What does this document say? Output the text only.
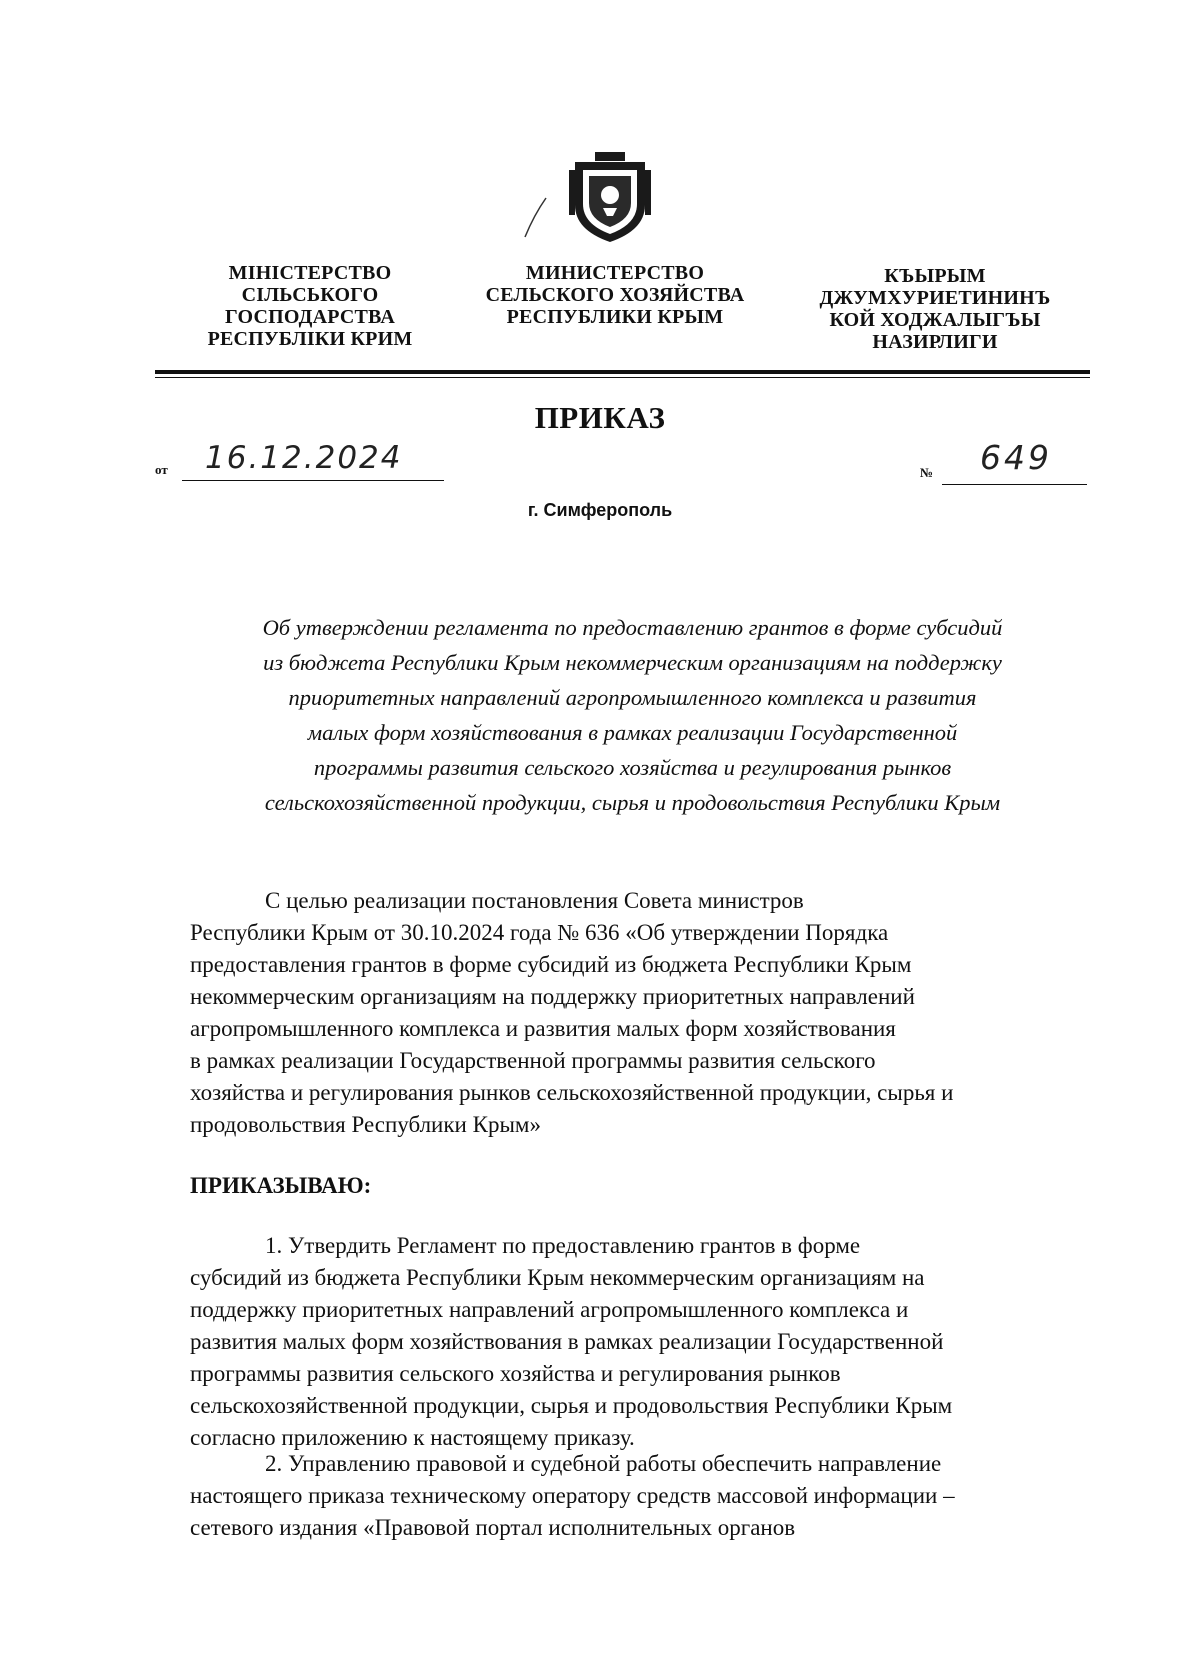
МІНІСТЕРСТВО
СІЛЬСЬКОГО
ГОСПОДАРСТВА
РЕСПУБЛІКИ КРИМ
МИНИСТЕРСТВО
СЕЛЬСКОГО ХОЗЯЙСТВА
РЕСПУБЛИКИ КРЫМ
КЪЫРЫМ
ДЖУМХУРИЕТИНИНЪ
КОЙ ХОДЖАЛЫГЪЫ
НАЗИРЛИГИ
ПРИКАЗ
от 16.12.2024	№ 649
г. Симферополь
Об утверждении регламента по предоставлению грантов в форме субсидий
из бюджета Республики Крым некоммерческим организациям на поддержку
приоритетных направлений агропромышленного комплекса и развития
малых форм хозяйствования в рамках реализации Государственной
программы развития сельского хозяйства и регулирования рынков
сельскохозяйственной продукции, сырья и продовольствия Республики Крым
С целью реализации постановления Совета министров
Республики Крым от 30.10.2024 года № 636 «Об утверждении Порядка
предоставления грантов в форме субсидий из бюджета Республики Крым
некоммерческим организациям на поддержку приоритетных направлений
агропромышленного комплекса и развития малых форм хозяйствования
в рамках реализации Государственной программы развития сельского
хозяйства и регулирования рынков сельскохозяйственной продукции, сырья и
продовольствия Республики Крым»
ПРИКАЗЫВАЮ:
1. Утвердить Регламент по предоставлению грантов в форме
субсидий из бюджета Республики Крым некоммерческим организациям на
поддержку приоритетных направлений агропромышленного комплекса и
развития малых форм хозяйствования в рамках реализации Государственной
программы развития сельского хозяйства и регулирования рынков
сельскохозяйственной продукции, сырья и продовольствия Республики Крым
согласно приложению к настоящему приказу.
2. Управлению правовой и судебной работы обеспечить направление
настоящего приказа техническому оператору средств массовой информации –
сетевого издания «Правовой портал исполнительных органов
